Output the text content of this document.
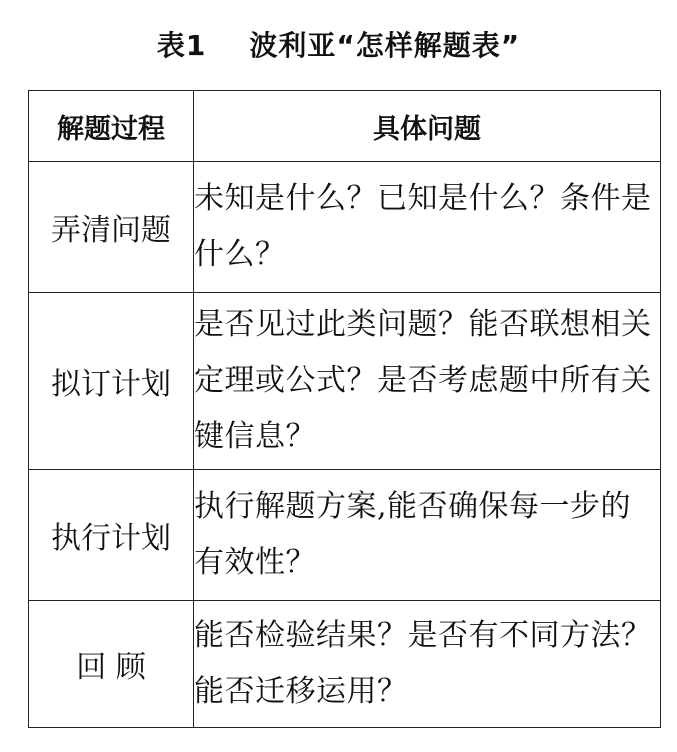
表1    波利亚“怎样解题表”
解题过程	具体问题
弄清问题	未知是什么？已知是什么？条件是什么？
拟订计划	是否见过此类问题？能否联想相关定理或公式？是否考虑题中所有关键信息？
执行计划	执行解题方案,能否确保每一步的有效性？
回 顾	能否检验结果？是否有不同方法？能否迁移运用？
